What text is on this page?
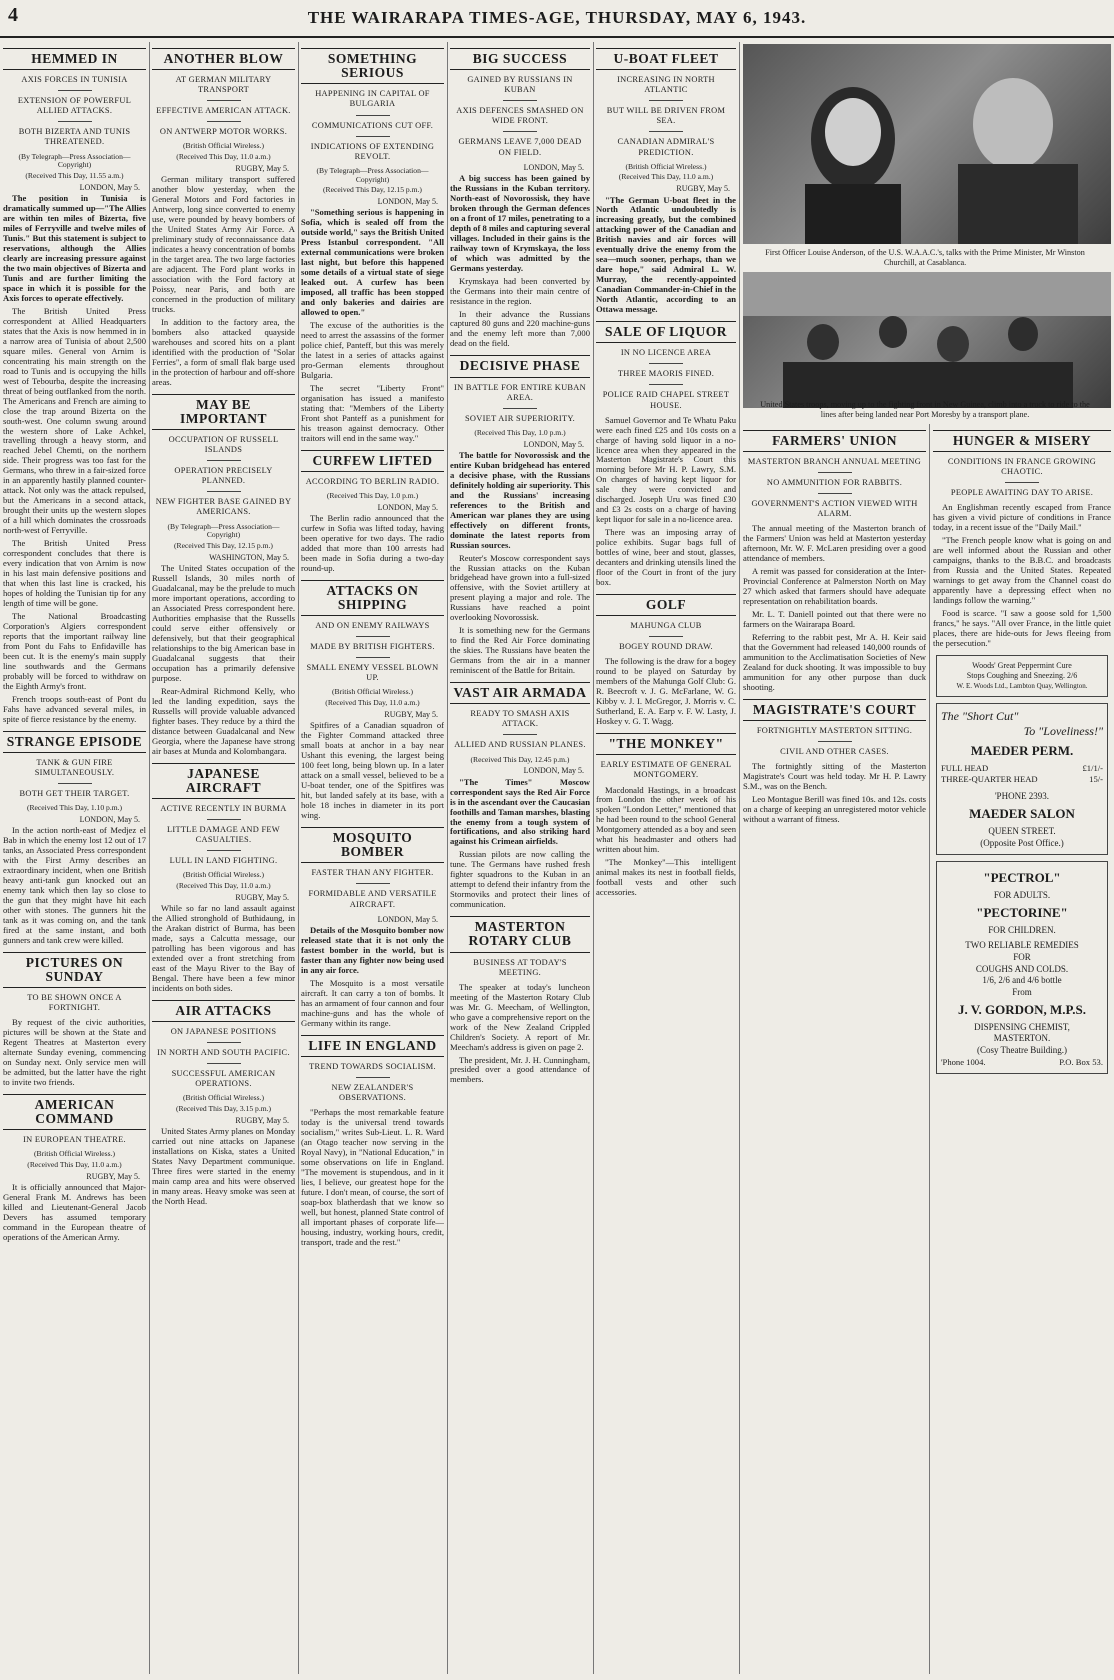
4	THE WAIRARAPA TIMES-AGE, THURSDAY, MAY 6, 1943.
HEMMED IN
AXIS FORCES IN TUNISIA
EXTENSION OF POWERFUL ALLIED ATTACKS.
BOTH BIZERTA AND TUNIS THREATENED.
(By Telegraph—Press Association—Copyright)
(Received This Day, 11.55 a.m.)
LONDON, May 5.

The position in Tunisia is dramatically summed up—"The Allies are within ten miles of Bizerta, five miles of Ferryville and twelve miles of Tunis." But this statement is subject to reservations, although the Allies clearly are increasing pressure against the two main objectives of Bizerta and Tunis and are further limiting the space in which it is possible for the Axis forces to operate effectively.

The British United Press correspondent at Allied Headquarters states that the Axis is now hemmed in in a narrow area of Tunisia of about 2,500 square miles. General von Arnim is concentrating his main strength on the road to Tunis and is occupying the hills west of Tebourba, despite the increasing threat of being outflanked from the north. The Americans and French are aiming to close the trap around Bizerta on the south-west. One column swung around the western shore of Lake Achkel, travelling through a heavy storm, and reached Jebel Chemti, on the northern side. Their progress was too fast for the Germans, who threw in a fair-sized force in an apparently hastily planned counter-attack. Not only was the attack repulsed, but the Americans in a second attack, brought their units up the western slopes of a hill which dominates the crossroads north-west of Ferryville.

The British United Press correspondent concludes that there is every indication that von Arnim is now in his last main defensive positions and that when this last line is cracked, his hopes of holding the Tunisian tip for any length of time will be gone.

The National Broadcasting Corporation's Algiers correspondent reports that the important railway line from Pont du Fahs to Enfidaville has been cut. It is the enemy's main supply line southwards and the Germans probably will be forced to withdraw on the Eighth Army's front.

French troops south-east of Pont du Fahs have advanced several miles, in spite of fierce resistance by the enemy.

STRANGE EPISODE
TANK & GUN FIRE SIMULTANEOUSLY.
BOTH GET THEIR TARGET.
(Received This Day, 1.10 p.m.)
LONDON, May 5.

In the action north-east of Medjez el Bab in which the enemy lost 12 out of 17 tanks, an Associated Press correspondent with the First Army describes an extraordinary incident, when one British heavy anti-tank gun knocked out an enemy tank which then lay so close to the gun that they might have hit each other with stones. The gunners hit the tank as it was coming on, and the tank fired at the same instant, and both gunners and tank crew were killed.

PICTURES ON SUNDAY
TO BE SHOWN ONCE A FORTNIGHT.

By request of the civic authorities, pictures will be shown at the State and Regent Theatres at Masterton every alternate Sunday evening, commencing on Sunday next. Only service men will be admitted, but the latter have the right to invite two friends.

AMERICAN COMMAND
IN EUROPEAN THEATRE.
(British Official Wireless.)
(Received This Day, 11.0 a.m.)
RUGBY, May 5.

It is officially announced that Major-General Frank M. Andrews has been killed and Lieutenant-General Jacob Devers has assumed temporary command in the European theatre of operations of the American Army.

ANOTHER BLOW
AT GERMAN MILITARY TRANSPORT
EFFECTIVE AMERICAN ATTACK.
ON ANTWERP MOTOR WORKS.
(British Official Wireless.)
(Received This Day, 11.0 a.m.)
RUGBY, May 5.

German military transport suffered another blow yesterday, when the General Motors and Ford factories in Antwerp, long since converted to enemy use, were pounded by heavy bombers of the United States Army Air Force. A preliminary study of reconnaissance data indicates a heavy concentration of bombs in the target area. The two large factories are adjacent. The Ford plant works in association with the Ford factory at Poissy, near Paris, and both are concerned in the production of military trucks.

In addition to the factory area, the bombers also attacked quayside warehouses and scored hits on a plant identified with the production of "Solar Ferries", a form of small flak barge used in the protection of harbour and off-shore areas.

MAY BE IMPORTANT
OCCUPATION OF RUSSELL ISLANDS
OPERATION PRECISELY PLANNED.
NEW FIGHTER BASE GAINED BY AMERICANS.
(By Telegraph—Press Association—Copyright)
(Received This Day, 12.15 p.m.)
WASHINGTON, May 5.

The United States occupation of the Russell Islands, 30 miles north of Guadalcanal, may be the prelude to much more important operations, according to an Associated Press correspondent here. Authorities emphasise that the Russells could serve either offensively or defensively, but that their geographical relationships to the big American base in Guadalcanal suggests that their occupation has a primarily defensive purpose.

Rear-Admiral Richmond Kelly, who led the landing expedition, says the Russells will provide valuable advanced fighter bases. They reduce by a third the distance between Guadalcanal and New Georgia, where the Japanese have strong air bases at Munda and Kolombangara.

JAPANESE AIRCRAFT
ACTIVE RECENTLY IN BURMA
LITTLE DAMAGE AND FEW CASUALTIES.
LULL IN LAND FIGHTING.
(British Official Wireless.)
(Received This Day, 11.0 a.m.)
RUGBY, May 5.

While so far no land assault against the Allied stronghold of Buthidaung, in the Arakan district of Burma, has been made, says a Calcutta message, our patrolling has been vigorous and has extended over a front stretching from east of the Mayu River to the Bay of Bengal. There have been a few minor incidents on both sides.

AIR ATTACKS
ON JAPANESE POSITIONS
IN NORTH AND SOUTH PACIFIC.
SUCCESSFUL AMERICAN OPERATIONS.
(British Official Wireless.)
(Received This Day, 3.15 p.m.)
RUGBY, May 5.

United States Army planes on Monday carried out nine attacks on Japanese installations on Kiska, states a United States Navy Department communique. Three fires were started in the enemy main camp area and hits were observed in many areas. Heavy smoke was seen at the North Head.

SOMETHING SERIOUS
HAPPENING IN CAPITAL OF BULGARIA
COMMUNICATIONS CUT OFF.
INDICATIONS OF EXTENDING REVOLT.
(By Telegraph—Press Association—Copyright)
(Received This Day, 12.15 p.m.)
LONDON, May 5.

"Something serious is happening in Sofia, which is sealed off from the outside world," says the British United Press Istanbul correspondent. "All external communications were broken last night, but before this happened some details of a virtual state of siege leaked out. A curfew has been imposed, all traffic has been stopped and only bakeries and dairies are allowed to open."

The excuse of the authorities is the need to arrest the assassins of the former police chief, Panteff, but this was merely the latest in a series of attacks against pro-German elements throughout Bulgaria.

The secret "Liberty Front" organisation has issued a manifesto stating that: "Members of the Liberty Front shot Panteff as a punishment for his treason against democracy. Other traitors will end in the same way."

CURFEW LIFTED
ACCORDING TO BERLIN RADIO.
(Received This Day, 1.0 p.m.)
LONDON, May 5.

The Berlin radio announced that the curfew in Sofia was lifted today, having been operative for two days. The radio added that more than 100 arrests had been made in Sofia during a two-day round-up.

ATTACKS ON SHIPPING
AND ON ENEMY RAILWAYS
MADE BY BRITISH FIGHTERS.
SMALL ENEMY VESSEL BLOWN UP.
(British Official Wireless.)
(Received This Day, 11.0 a.m.)
RUGBY, May 5.

Spitfires of a Canadian squadron of the Fighter Command attacked three small boats at anchor in a bay near Ushant this evening, the largest being 100 feet long, being blown up. In a later attack on a small vessel, believed to be a U-boat tender, one of the Spitfires was hit, but landed safely at its base, with a hole 18 inches in diameter in its port wing.

MOSQUITO BOMBER
FASTER THAN ANY FIGHTER.
FORMIDABLE AND VERSATILE AIRCRAFT.
LONDON, May 5.

Details of the Mosquito bomber now released state that it is not only the fastest bomber in the world, but is faster than any fighter now being used in any air force.

The Mosquito is a most versatile aircraft. It can carry a ton of bombs. It has an armament of four cannon and four machine-guns and has the whole of Germany within its range.

LIFE IN ENGLAND
TREND TOWARDS SOCIALISM.
NEW ZEALANDER'S OBSERVATIONS.

"Perhaps the most remarkable feature today is the universal trend towards socialism," writes Sub-Lieut. L. R. Ward (an Otago teacher now serving in the Royal Navy), in "National Education," in some observations on life in England. "The movement is stupendous, and in it lies, I believe, our greatest hope for the future. I don't mean, of course, the sort of soap-box blatherdash that we know so well, but honest, planned State control of all important phases of corporate life—housing, industry, working hours, credit, transport, trade and the rest."

BIG SUCCESS
GAINED BY RUSSIANS IN KUBAN
AXIS DEFENCES SMASHED ON WIDE FRONT.
GERMANS LEAVE 7,000 DEAD ON FIELD.
LONDON, May 5.

A big success has been gained by the Russians in the Kuban territory. North-east of Novorossisk, they have broken through the German defences on a front of 17 miles, penetrating to a depth of 8 miles and capturing several villages. Included in their gains is the railway town of Krymskaya, the loss of which was admitted by the Germans yesterday.

Krymskaya had been converted by the Germans into their main centre of resistance in the region.

In their advance the Russians captured 80 guns and 220 machine-guns and the enemy left more than 7,000 dead on the field.

DECISIVE PHASE
IN BATTLE FOR ENTIRE KUBAN AREA.
SOVIET AIR SUPERIORITY.
(Received This Day, 1.0 p.m.)
LONDON, May 5.

The battle for Novorossisk and the entire Kuban bridgehead has entered a decisive phase, with the Russians definitely holding air superiority. This and the Russians' increasing references to the British and American war planes they are using effectively on different fronts, dominate the latest reports from Russian sources.

Reuter's Moscow correspondent says the Russian attacks on the Kuban bridgehead have grown into a full-sized offensive, with the Soviet artillery at present playing a major and role. The Russians have reached a point overlooking Novorossisk.

It is something new for the Germans to find the Red Air Force dominating the skies. The Russians have beaten the Germans from the air in a manner reminiscent of the Battle for Britain.

VAST AIR ARMADA
READY TO SMASH AXIS ATTACK.
ALLIED AND RUSSIAN PLANES.
(Received This Day, 12.45 p.m.)
LONDON, May 5.

"The Times" Moscow correspondent says the Red Air Force is in the ascendant over the Caucasian foothills and Taman marshes, blasting the enemy from a tough system of fortifications, and also striking hard against his Crimean airfields.

Russian pilots are now calling the tune. The Germans have rushed fresh fighter squadrons to the Kuban in an attempt to defend their infantry from the Stormoviks and protect their lines of communication.

MASTERTON ROTARY CLUB
BUSINESS AT TODAY'S MEETING.

The speaker at today's luncheon meeting of the Masterton Rotary Club was Mr. G. Meecham, of Wellington, who gave a comprehensive report on the work of the New Zealand Crippled Children's Society. A report of Mr. Meecham's address is given on page 2.

The president, Mr. J. H. Cunningham, presided over a good attendance of members.

U-BOAT FLEET
INCREASING IN NORTH ATLANTIC
BUT WILL BE DRIVEN FROM SEA.
CANADIAN ADMIRAL'S PREDICTION.
(British Official Wireless.)
(Received This Day, 11.0 a.m.)
RUGBY, May 5.

"The German U-boat fleet in the North Atlantic undoubtedly is increasing greatly, but the combined attacking power of the Canadian and British navies and air forces will eventually drive the enemy from the sea—much sooner, perhaps, than we dare hope," said Admiral L. W. Murray, the recently-appointed Canadian Commander-in-Chief in the North Atlantic, according to an Ottawa message.

SALE OF LIQUOR
IN NO LICENCE AREA
THREE MAORIS FINED.
POLICE RAID CHAPEL STREET HOUSE.

Samuel Governor and Te Whatu Paku were each fined £25 and 10s costs on a charge of having sold liquor in a no-licence area when they appeared in the Masterton Magistrate's Court this morning before Mr H. P. Lawry, S.M. On charges of having kept liquor for sale they were convicted and discharged. Joseph Uru was fined £30 and £3 2s costs on a charge of having kept liquor for sale in a no-licence area.

There was an imposing array of police exhibits. Sugar bags full of bottles of wine, beer and stout, glasses, decanters and drinking utensils lined the floor of the Court in front of the jury box.

GOLF
MAHUNGA CLUB
BOGEY ROUND DRAW.

The following is the draw for a bogey round to be played on Saturday by members of the Mahunga Golf Club: G. R. Beecroft v. J. G. McFarlane, W. G. Kibby v. J. I. McGregor, J. Morris v. C. Sutherland, E. A. Earp v. F. W. Lasty, J. Hoskey v. G. T. Wagg.

"THE MONKEY"
EARLY ESTIMATE OF GENERAL MONTGOMERY.

Macdonald Hastings, in a broadcast from London the other week of his spoken "London Letter," mentioned that he had been round to the school General Montgomery attended as a boy and seen what his headmaster and others had written about him.

"The Monkey"—This intelligent animal makes its nest in football fields, football vests and other such accessories.

First Officer Louise Anderson, of the U.S. W.A.A.C.'s, talks with the Prime Minister, Mr Winston Churchill, at Casablanca.
United States troops, moving up to the fighting front in New Guinea, climb into a truck to ride to the lines after being landed near Port Moresby by a transport plane.
FARMERS' UNION
MASTERTON BRANCH ANNUAL MEETING
NO AMMUNITION FOR RABBITS.
GOVERNMENT'S ACTION VIEWED WITH ALARM.

The annual meeting of the Masterton branch of the Farmers' Union was held at Masterton yesterday afternoon, Mr. W. F. McLaren presiding over a good attendance of members.

A remit was passed for consideration at the Inter-Provincial Conference at Palmerston North on May 27 which asked that farmers should have adequate representation on rehabilitation boards.

Mr. L. T. Daniell pointed out that there were no farmers on the Wairarapa Board.

Referring to the rabbit pest, Mr A. H. Keir said that the Government had released 140,000 rounds of ammunition to the Acclimatisation Societies of New Zealand for duck shooting. It was impossible to buy ammunition for any other purpose than duck shooting.

MAGISTRATE'S COURT
FORTNIGHTLY MASTERTON SITTING.
CIVIL AND OTHER CASES.

The fortnightly sitting of the Masterton Magistrate's Court was held today. Mr H. P. Lawry S.M., was on the Bench.

Leo Montague Berill was fined 10s. and 12s. costs on a charge of keeping an unregistered motor vehicle without a warrant of fitness.

HUNGER & MISERY
CONDITIONS IN FRANCE GROWING CHAOTIC.
PEOPLE AWAITING DAY TO ARISE.

An Englishman recently escaped from France has given a vivid picture of conditions in France today, in a recent issue of the "Daily Mail."

"The French people know what is going on and are well informed about the Russian and other campaigns, thanks to the B.B.C. and broadcasts from Russia and the United States. Repeated warnings to get away from the Channel coast do apparently have a depressing effect when no landings follow the warning."

Food is scarce. "I saw a goose sold for 1,500 francs," he says. "All over France, in the little quiet places, there are hide-outs for Jews fleeing from the persecution."

Woods' Great Peppermint Cure
Stops Coughing and Sneezing. 2/6
W. E. Woods Ltd., Lambton Quay, Wellington.
The "Short Cut"
To "Loveliness!"
MAEDER PERM.
FULL HEAD	£1/1/-
THREE-QUARTER HEAD	15/-
'PHONE 2393.
MAEDER SALON
QUEEN STREET.
(Opposite Post Office.)
"PECTROL"
FOR ADULTS.
"PECTORINE"
FOR CHILDREN.
TWO RELIABLE REMEDIES
FOR
COUGHS AND COLDS.
1/6, 2/6 and 4/6 bottle
From
J. V. GORDON, M.P.S.
DISPENSING CHEMIST,
MASTERTON.
(Cosy Theatre Building.)
'Phone 1004.	P.O. Box 53.
